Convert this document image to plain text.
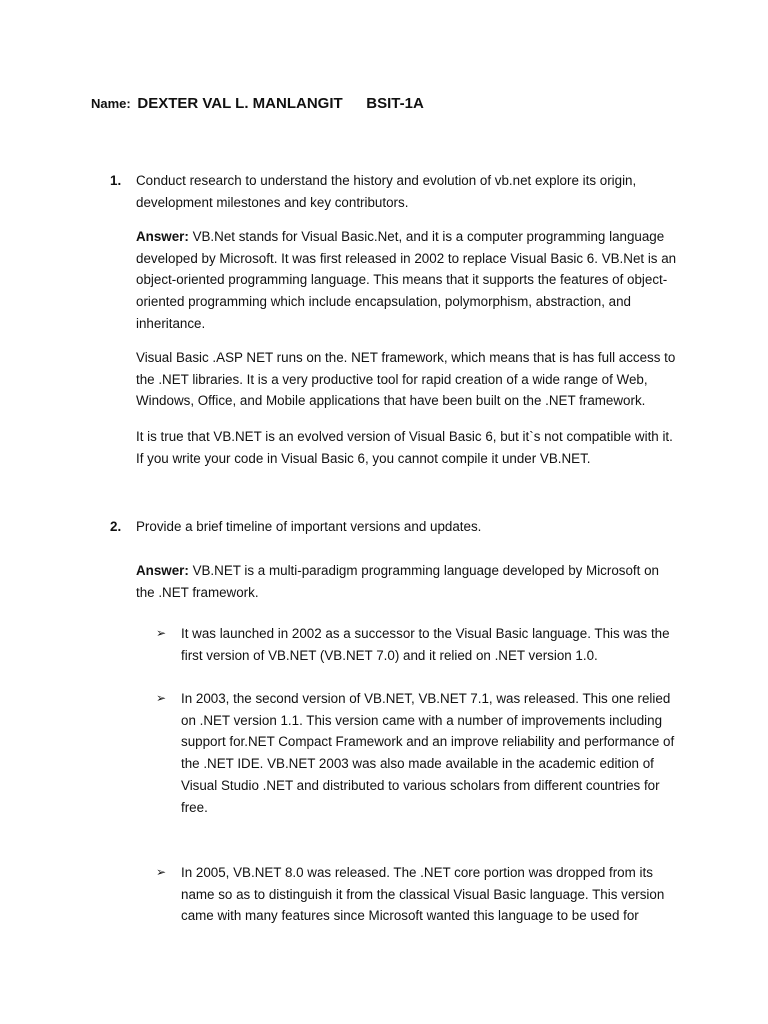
Name: DEXTER VAL L. MANLANGIT BSIT-1A
1.	Conduct research to understand the history and evolution of vb.net explore its origin, development milestones and key contributors.

Answer: VB.Net stands for Visual Basic.Net, and it is a computer programming language developed by Microsoft. It was first released in 2002 to replace Visual Basic 6. VB.Net is an object-oriented programming language. This means that it supports the features of object-oriented programming which include encapsulation, polymorphism, abstraction, and inheritance.

Visual Basic .ASP NET runs on the. NET framework, which means that is has full access to the .NET libraries. It is a very productive tool for rapid creation of a wide range of Web, Windows, Office, and Mobile applications that have been built on the .NET framework.

It is true that VB.NET is an evolved version of Visual Basic 6, but it`s not compatible with it. If you write your code in Visual Basic 6, you cannot compile it under VB.NET.

2.	Provide a brief timeline of important versions and updates.

Answer: VB.NET is a multi-paradigm programming language developed by Microsoft on the .NET framework.

➢	It was launched in 2002 as a successor to the Visual Basic language. This was the first version of VB.NET (VB.NET 7.0) and it relied on .NET version 1.0.
➢	In 2003, the second version of VB.NET, VB.NET 7.1, was released. This one relied on .NET version 1.1. This version came with a number of improvements including support for.NET Compact Framework and an improve reliability and performance of the .NET IDE. VB.NET 2003 was also made available in the academic edition of Visual Studio .NET and distributed to various scholars from different countries for free.
➢	In 2005, VB.NET 8.0 was released. The .NET core portion was dropped from its name so as to distinguish it from the classical Visual Basic language. This version came with many features since Microsoft wanted this language to be used for
